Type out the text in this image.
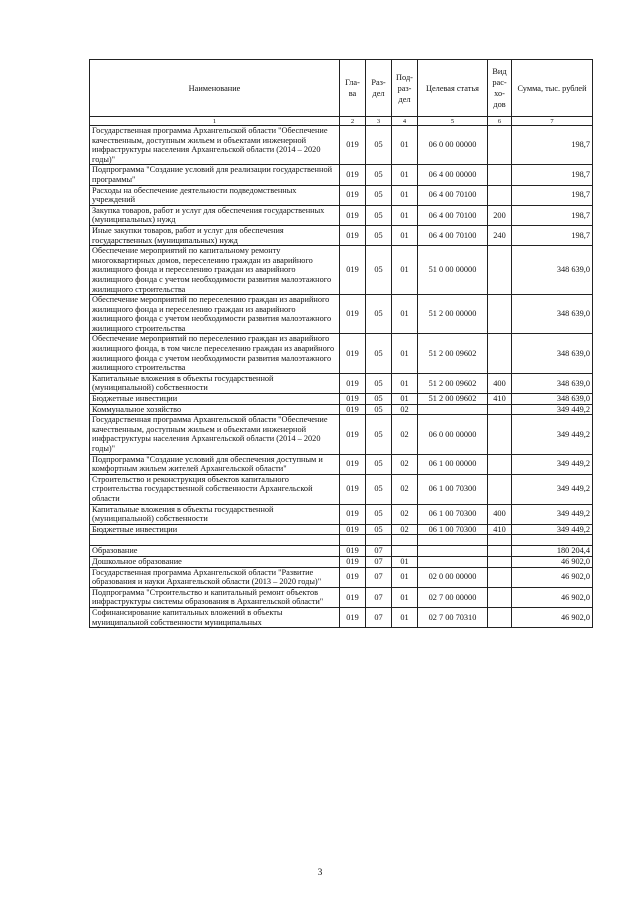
Наименование	Гла- ва	Раз- дел	Под- раз- дел	Целевая статья	Вид рас- хо- дов	Сумма, тыс. рублей
1	2	3	4	5	6	7
Государственная программа Архангельской области "Обеспечение качественным, доступным жильем и объектами инженерной инфраструктуры населения Архангельской области (2014 – 2020 годы)"	019	05	01	06 0 00 00000		198,7
Подпрограмма "Создание условий для реализации государственной программы"	019	05	01	06 4 00 00000		198,7
Расходы на обеспечение деятельности подведомственных учреждений	019	05	01	06 4 00 70100		198,7
Закупка товаров, работ и услуг для обеспечения государственных (муниципальных) нужд	019	05	01	06 4 00 70100	200	198,7
Иные закупки товаров, работ и услуг для обеспечения государственных (муниципальных) нужд	019	05	01	06 4 00 70100	240	198,7
Обеспечение мероприятий по капитальному ремонту многоквартирных домов, переселению граждан из аварийного жилищного фонда и переселению граждан из аварийного жилищного фонда с учетом необходимости развития малоэтажного жилищного строительства	019	05	01	51 0 00 00000		348 639,0
Обеспечение мероприятий по переселению граждан из аварийного жилищного фонда и переселению граждан из аварийного жилищного фонда с учетом необходимости развития малоэтажного жилищного строительства	019	05	01	51 2 00 00000		348 639,0
Обеспечение мероприятий по переселению граждан из аварийного жилищного фонда, в том числе переселению граждан из аварийного жилищного фонда с учетом необходимости развития малоэтажного жилищного строительства	019	05	01	51 2 00 09602		348 639,0
Капитальные вложения в объекты государственной (муниципальной) собственности	019	05	01	51 2 00 09602	400	348 639,0
Бюджетные инвестиции	019	05	01	51 2 00 09602	410	348 639,0
Коммунальное хозяйство	019	05	02			349 449,2
Государственная программа Архангельской области "Обеспечение качественным, доступным жильем и объектами инженерной инфраструктуры населения Архангельской области (2014 – 2020 годы)"	019	05	02	06 0 00 00000		349 449,2
Подпрограмма "Создание условий для обеспечения доступным и комфортным жильем жителей Архангельской области"	019	05	02	06 1 00 00000		349 449,2
Строительство и реконструкция объектов капитального строительства государственной собственности Архангельской области	019	05	02	06 1 00 70300		349 449,2
Капитальные вложения в объекты государственной (муниципальной) собственности	019	05	02	06 1 00 70300	400	349 449,2
Бюджетные инвестиции	019	05	02	06 1 00 70300	410	349 449,2

Образование	019	07				180 204,4
Дошкольное образование	019	07	01			46 902,0
Государственная программа Архангельской области "Развитие образования и науки Архангельской области (2013 – 2020 годы)"	019	07	01	02 0 00 00000		46 902,0
Подпрограмма "Строительство и капитальный ремонт объектов инфраструктуры системы образования в Архангельской области"	019	07	01	02 7 00 00000		46 902,0
Софинансирование капитальных вложений в объекты муниципальной собственности муниципальных	019	07	01	02 7 00 70310		46 902,0
3
